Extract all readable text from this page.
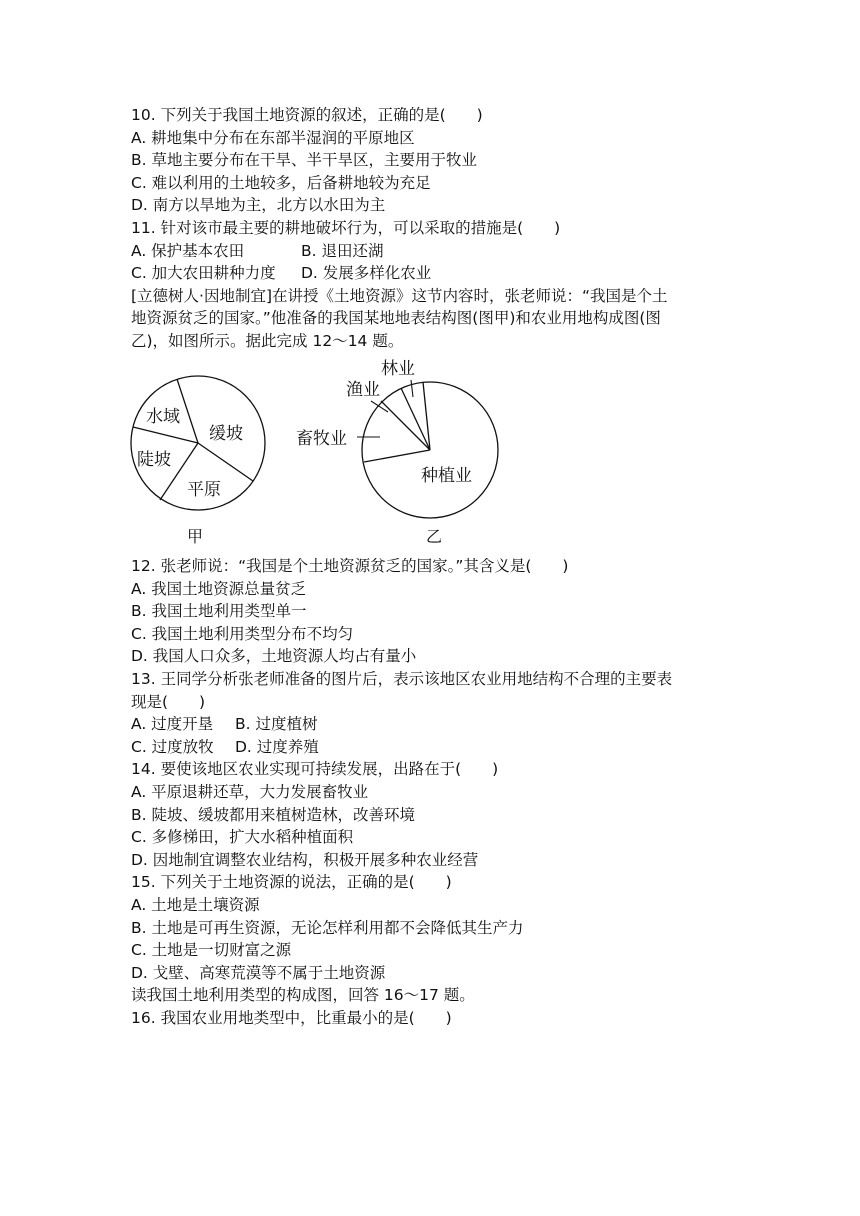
10. 下列关于我国土地资源的叙述，正确的是(　　)
A. 耕地集中分布在东部半湿润的平原地区
B. 草地主要分布在干旱、半干旱区，主要用于牧业
C. 难以利用的土地较多，后备耕地较为充足
D. 南方以旱地为主，北方以水田为主
11. 针对该市最主要的耕地破坏行为，可以采取的措施是(　　)
A. 保护基本农田	B. 退田还湖
C. 加大农田耕种力度 D. 发展多样化农业
[立德树人·因地制宜]在讲授《土地资源》这节内容时，张老师说：“我国是个土
地资源贫乏的国家。”他准备的我国某地地表结构图(图甲)和农业用地构成图(图
乙)，如图所示。据此完成 12～14 题。
水域
缓坡
陡坡
平原
甲
林业
渔业
畜牧业
种植业
乙
12. 张老师说：“我国是个土地资源贫乏的国家。”其含义是(　　)
A. 我国土地资源总量贫乏
B. 我国土地利用类型单一
C. 我国土地利用类型分布不均匀
D. 我国人口众多，土地资源人均占有量小
13. 王同学分析张老师准备的图片后，表示该地区农业用地结构不合理的主要表
现是(　　)
A. 过度开垦 B. 过度植树
C. 过度放牧 D. 过度养殖
14. 要使该地区农业实现可持续发展，出路在于(　　)
A. 平原退耕还草，大力发展畜牧业
B. 陡坡、缓坡都用来植树造林，改善环境
C. 多修梯田，扩大水稻种植面积
D. 因地制宜调整农业结构，积极开展多种农业经营
15. 下列关于土地资源的说法，正确的是(　　)
A. 土地是土壤资源
B. 土地是可再生资源，无论怎样利用都不会降低其生产力
C. 土地是一切财富之源
D. 戈壁、高寒荒漠等不属于土地资源
读我国土地利用类型的构成图，回答 16～17 题。
16. 我国农业用地类型中，比重最小的是(　　)
